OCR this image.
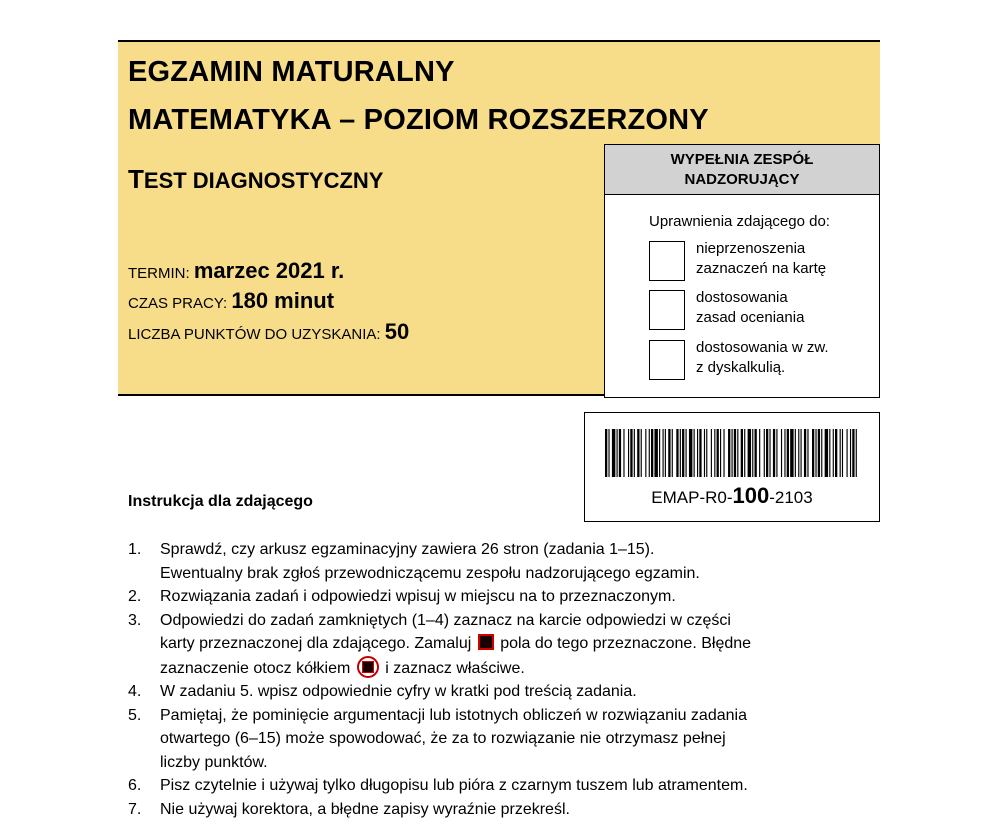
EGZAMIN MATURALNY
MATEMATYKA – POZIOM ROZSZERZONY
TEST DIAGNOSTYCZNY
TERMIN: marzec 2021 r.
CZAS PRACY: 180 minut
LICZBA PUNKTÓW DO UZYSKANIA: 50
WYPEŁNIA ZESPÓŁ
NADZORUJĄCY
Uprawnienia zdającego do:
nieprzenoszenia
zaznaczeń na kartę
dostosowania
zasad oceniania
dostosowania w zw.
z dyskalkulią.
EMAP-R0-100-2103
Instrukcja dla zdającego
1. Sprawdź, czy arkusz egzaminacyjny zawiera 26 stron (zadania 1–15).
Ewentualny brak zgłoś przewodniczącemu zespołu nadzorującego egzamin.
2. Rozwiązania zadań i odpowiedzi wpisuj w miejscu na to przeznaczonym.
3. Odpowiedzi do zadań zamkniętych (1–4) zaznacz na karcie odpowiedzi w części
karty przeznaczonej dla zdającego. Zamaluj pola do tego przeznaczone. Błędne
zaznaczenie otocz kółkiem i zaznacz właściwe.
4. W zadaniu 5. wpisz odpowiednie cyfry w kratki pod treścią zadania.
5. Pamiętaj, że pominięcie argumentacji lub istotnych obliczeń w rozwiązaniu zadania
otwartego (6–15) może spowodować, że za to rozwiązanie nie otrzymasz pełnej
liczby punktów.
6. Pisz czytelnie i używaj tylko długopisu lub pióra z czarnym tuszem lub atramentem.
7. Nie używaj korektora, a błędne zapisy wyraźnie przekreśl.
